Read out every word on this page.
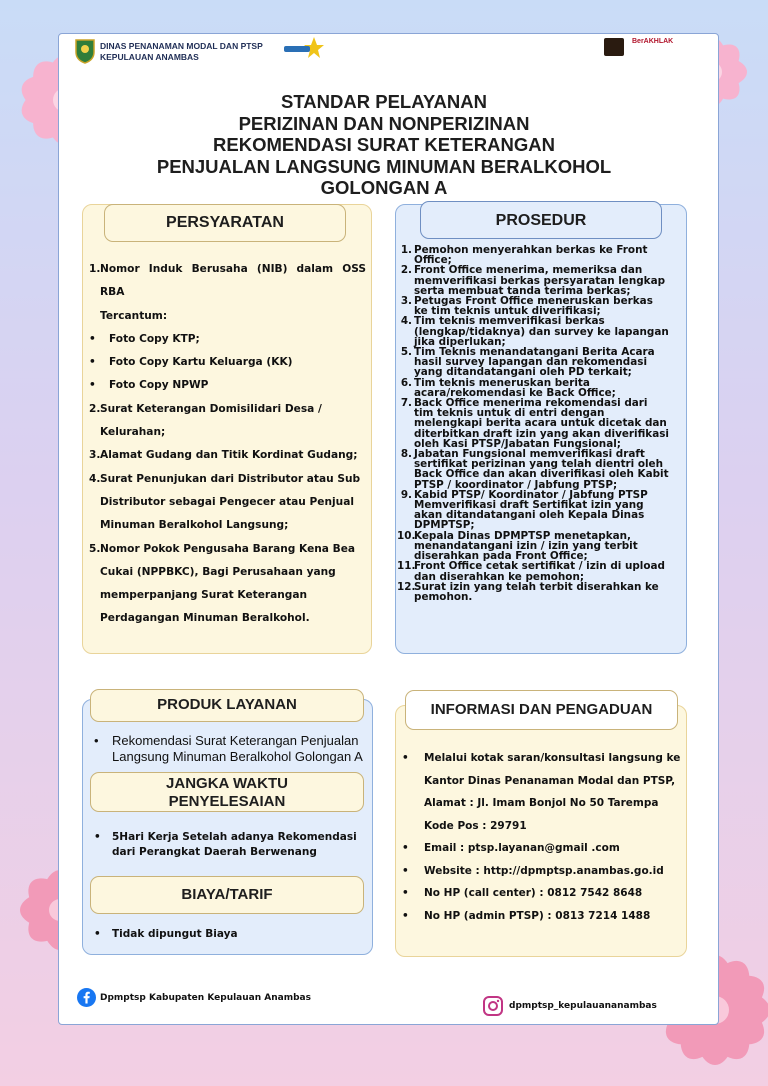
DINAS PENANAMAN MODAL DAN PTSP
KEPULAUAN ANAMBAS
BerAKHLAK
STANDAR PELAYANAN
PERIZINAN DAN NONPERIZINAN
REKOMENDASI SURAT KETERANGAN
PENJUALAN LANGSUNG MINUMAN BERALKOHOL
GOLONGAN A
PERSYARATAN
1. Nomor Induk Berusaha (NIB) dalam OSS RBA
Tercantum:
•	Foto Copy KTP;
•	Foto Copy Kartu Keluarga (KK)
•	Foto Copy NPWP
2. Surat Keterangan Domisilidari Desa /
Kelurahan;
3. Alamat Gudang dan Titik Kordinat Gudang;
4. Surat Penunjukan dari Distributor atau Sub
Distributor sebagai Pengecer atau Penjual
Minuman Beralkohol Langsung;
5. Nomor Pokok Pengusaha Barang Kena Bea
Cukai (NPPBKC), Bagi Perusahaan yang
memperpanjang Surat Keterangan
Perdagangan Minuman Beralkohol.
PROSEDUR
1. Pemohon menyerahkan berkas ke Front
Office;
2. Front Office menerima, memeriksa dan
memverifikasi berkas persyaratan lengkap
serta membuat tanda terima berkas;
3. Petugas Front Office meneruskan berkas
ke tim teknis untuk diverifikasi;
4. Tim teknis memverifikasi berkas
(lengkap/tidaknya) dan survey ke lapangan
jika diperlukan;
5. Tim Teknis menandatangani Berita Acara
hasil survey lapangan dan rekomendasi
yang ditandatangani oleh PD terkait;
6. Tim teknis meneruskan berita
acara/rekomendasi ke Back Office;
7. Back Office menerima rekomendasi dari
tim teknis untuk di entri dengan
melengkapi berita acara untuk dicetak dan
diterbitkan draft izin yang akan diverifikasi
oleh Kasi PTSP/Jabatan Fungsional;
8. Jabatan Fungsional memverifikasi draft
sertifikat perizinan yang telah dientri oleh
Back Office dan akan diverifikasi oleh Kabit
PTSP / koordinator / Jabfung PTSP;
9. Kabid PTSP/ Koordinator / Jabfung PTSP
Memverifikasi draft Sertifikat izin yang
akan ditandatangani oleh Kepala Dinas
DPMPTSP;
10.
Kepala Dinas DPMPTSP menetapkan,
menandatangani izin / izin yang terbit
diserahkan pada Front Office;
11.
Front Office cetak sertifikat / izin di upload
dan diserahkan ke pemohon;
12.
Surat izin yang telah terbit diserahkan ke
pemohon.
PRODUK LAYANAN
•	Rekomendasi Surat Keterangan Penjualan
Langsung Minuman Beralkohol Golongan A
JANGKA WAKTU
PENYELESAIAN
•	5Hari Kerja Setelah adanya Rekomendasi
dari Perangkat Daerah Berwenang
BIAYA/TARIF
•	Tidak dipungut Biaya
INFORMASI DAN PENGADUAN
•	Melalui kotak saran/konsultasi langsung ke
Kantor Dinas Penanaman Modal dan PTSP,
Alamat : Jl. Imam Bonjol No 50 Tarempa
Kode Pos : 29791
•	Email : ptsp.layanan@gmail .com
•	Website : http://dpmptsp.anambas.go.id
•	No HP (call center) : 0812 7542 8648
•	No HP (admin PTSP) : 0813 7214 1488
Dpmptsp Kabupaten Kepulauan Anambas
dpmptsp_kepulauananambas
